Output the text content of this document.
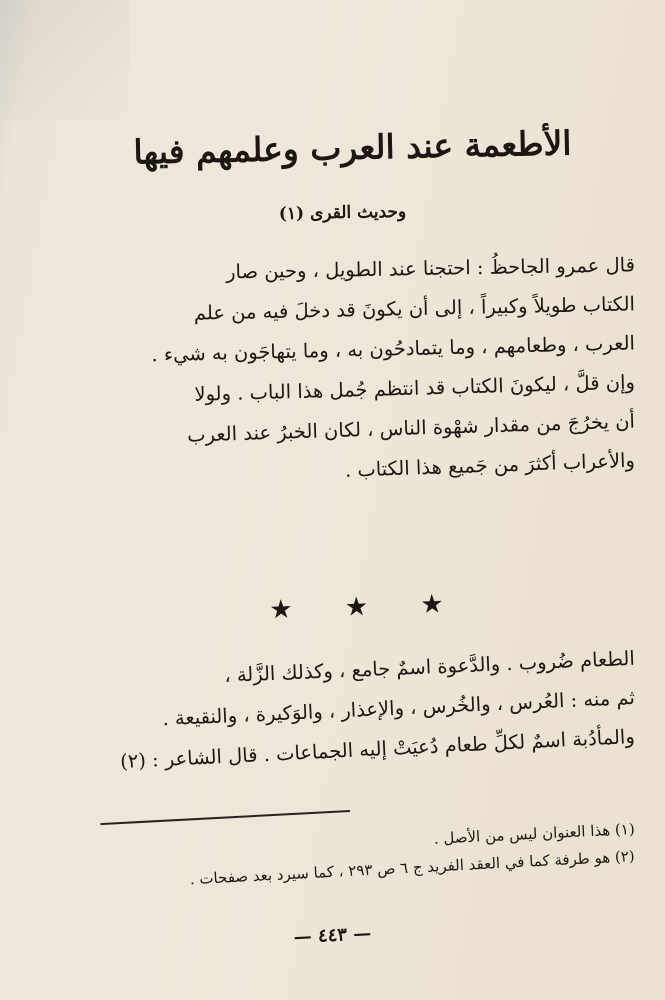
الأطعمة عند العرب وعلمهم فيها
وحديث القرى (١)
قال عمرو الجاحظُ : احتجنا عند الطويل ، وحين صار
الكتاب طويلاً وكبيراً ، إلى أن يكونَ قد دخلَ فيه من علم
العرب ، وطعامهم ، وما يتمادحُون به ، وما يتهاجَون به شيء .
وإن قلَّ ، ليكونَ الكتاب قد انتظم جُمل هذا الباب . ولولا
أن يخرُجَ من مقدار شهْوة الناس ، لكان الخبرُ عند العرب
والأعراب أكثرَ من جَميع هذا الكتاب .
★ ★ ★
الطعام ضُروب . والدَّعوة اسمٌ جامع ، وكذلك الزَّلة ،
ثم منه : العُرس ، والخُرس ، والإعذار ، والوَكيرة ، والنقيعة .
والمأدُبة اسمٌ لكلِّ طعام دُعيَتْ إليه الجماعات . قال الشاعر : (٢)
(١) هذا العنوان ليس من الأصل .
(٢) هو طرفة كما في العقد الفريد ج ٦ ص ٢٩٣ ، كما سيرد بعد صفحات .
— ٤٤٣ —
